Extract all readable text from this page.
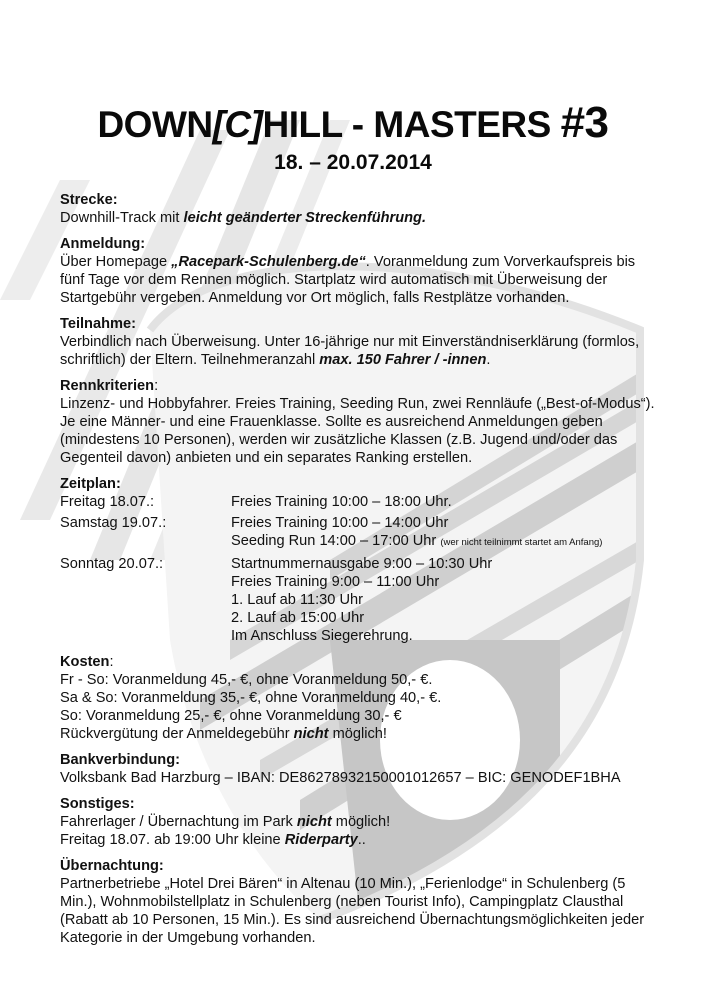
DOWN[C]HILL - MASTERS #3
18. – 20.07.2014
Strecke:
Downhill-Track mit leicht geänderter Streckenführung.
Anmeldung:
Über Homepage „Racepark-Schulenberg.de“. Voranmeldung zum Vorverkaufspreis bis
fünf Tage vor dem Rennen möglich. Startplatz wird automatisch mit Überweisung der
Startgebühr vergeben. Anmeldung vor Ort möglich, falls Restplätze vorhanden.
Teilnahme:
Verbindlich nach Überweisung. Unter 16-jährige nur mit Einverständniserklärung (formlos,
schriftlich) der Eltern. Teilnehmeranzahl max. 150 Fahrer / -innen.
Rennkriterien:
Linzenz- und Hobbyfahrer. Freies Training, Seeding Run, zwei Rennläufe („Best-of-Modus“).
Je eine Männer- und eine Frauenklasse. Sollte es ausreichend Anmeldungen geben
(mindestens 10 Personen), werden wir zusätzliche Klassen (z.B. Jugend und/oder das
Gegenteil davon) anbieten und ein separates Ranking erstellen.
Zeitplan:
Freitag 18.07.:	Freies Training 10:00 – 18:00 Uhr.
Samstag 19.07.:	Freies Training 10:00 – 14:00 Uhr
Seeding Run 14:00 – 17:00 Uhr (wer nicht teilnimmt startet am Anfang)
Sonntag 20.07.:	Startnummernausgabe 9:00 – 10:30 Uhr
Freies Training 9:00 – 11:00 Uhr
1. Lauf ab 11:30 Uhr
2. Lauf ab 15:00 Uhr
Im Anschluss Siegerehrung.
Kosten:
Fr - So: Voranmeldung 45,- €, ohne Voranmeldung 50,- €.
Sa & So: Voranmeldung 35,- €, ohne Voranmeldung 40,- €.
So: Voranmeldung 25,- €, ohne Voranmeldung 30,- €
Rückvergütung der Anmeldegebühr nicht möglich!
Bankverbindung:
Volksbank Bad Harzburg – IBAN: DE86278932150001012657 – BIC: GENODEF1BHA
Sonstiges:
Fahrerlager / Übernachtung im Park nicht möglich!
Freitag 18.07. ab 19:00 Uhr kleine Riderparty..
Übernachtung:
Partnerbetriebe „Hotel Drei Bären“ in Altenau (10 Min.), „Ferienlodge“ in Schulenberg (5
Min.), Wohnmobilstellplatz in Schulenberg (neben Tourist Info), Campingplatz Clausthal
(Rabatt ab 10 Personen, 15 Min.). Es sind ausreichend Übernachtungsmöglichkeiten jeder
Kategorie in der Umgebung vorhanden.
